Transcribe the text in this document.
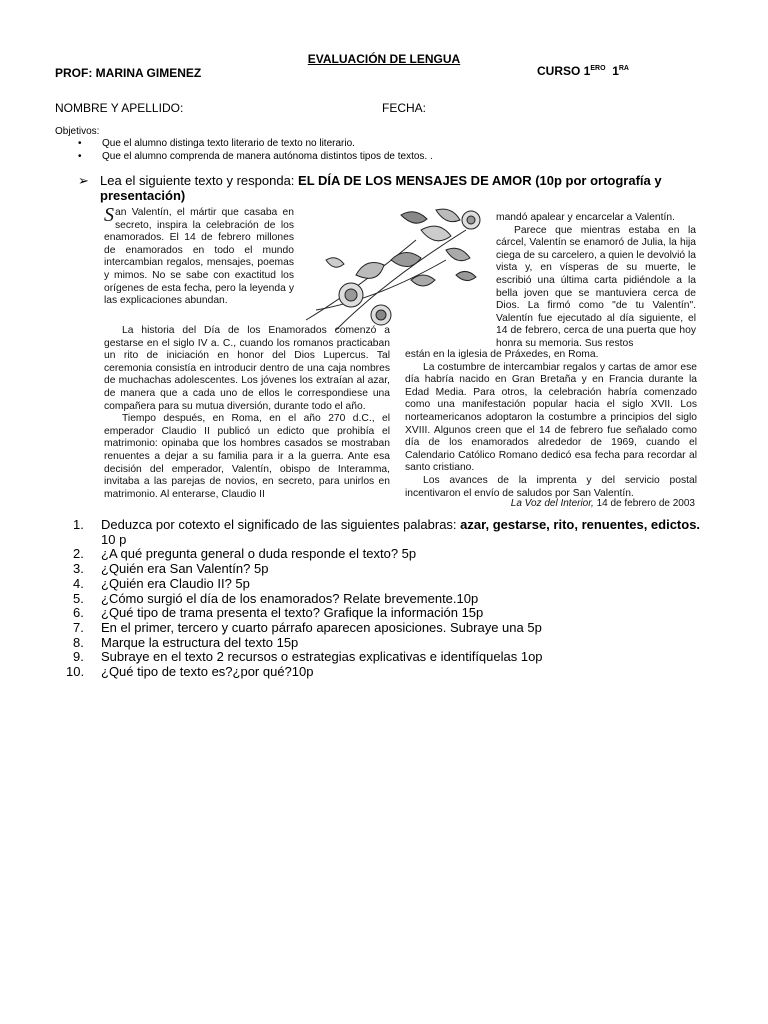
EVALUACIÓN DE LENGUA
PROF: MARINA GIMENEZ	CURSO $1^{ERO}$ $1^{RA}$
NOMBRE Y APELLIDO:	FECHA:
Objetivos:
• Que el alumno distinga texto literario de texto no literario.
• Que el alumno comprenda de manera autónoma distintos tipos de textos. .
➢ Lea el siguiente texto y responda: EL DÍA DE LOS MENSAJES DE AMOR (10p por ortografía y presentación)

San Valentín, el mártir que casaba en secreto, inspira la celebración de los enamorados. El 14 de febrero millones de enamorados en todo el mundo intercambian regalos, mensajes, poemas y mimos. No se sabe con exactitud los orígenes de esta fecha, pero la leyenda y las explicaciones abundan.

La historia del Día de los Enamorados comenzó a gestarse en el siglo IV a. C., cuando los romanos practicaban un rito de iniciación en honor del Dios Lupercus. Tal ceremonia consistía en introducir dentro de una caja nombres de muchachas adolescentes. Los jóvenes los extraían al azar, de manera que a cada uno de ellos le correspondiese una compañera para su mutua diversión, durante todo el año.

Tiempo después, en Roma, en el año 270 d.C., el emperador Claudio II publicó un edicto que prohibía el matrimonio: opinaba que los hombres casados se mostraban renuentes a dejar a su familia para ir a la guerra. Ante esa decisión del emperador, Valentín, obispo de Interamma, invitaba a las parejas de novios, en secreto, para unirlos en matrimonio. Al enterarse, Claudio II

mandó apalear y encarcelar a Valentín.

Parece que mientras estaba en la cárcel, Valentín se enamoró de Julia, la hija ciega de su carcelero, a quien le devolvió la vista y, en vísperas de su muerte, le escribió una última carta pidiéndole a la bella joven que se mantuviera cerca de Dios. La firmó como "de tu Valentín". Valentín fue ejecutado al día siguiente, el 14 de febrero, cerca de una puerta que hoy honra su memoria. Sus restos

están en la iglesia de Práxedes, en Roma.

La costumbre de intercambiar regalos y cartas de amor ese día habría nacido en Gran Bretaña y en Francia durante la Edad Media. Para otros, la celebración habría comenzado como una manifestación popular hacia el siglo XVII. Los norteamericanos adoptaron la costumbre a principios del siglo XVIII. Algunos creen que el 14 de febrero fue señalado como día de los enamorados alrededor de 1969, cuando el Calendario Católico Romano dedicó esa fecha para recordar al santo cristiano.

Los avances de la imprenta y del servicio postal incentivaron el envío de saludos por San Valentín.

La Voz del Interior, 14 de febrero de 2003
1. Deduzca por cotexto el significado de las siguientes palabras: azar, gestarse, rito, renuentes, edictos. 10 p
2. ¿A qué pregunta general o duda responde el texto? 5p
3. ¿Quién era San Valentín? 5p
4. ¿Quién era Claudio II? 5p
5. ¿Cómo surgió el día de los enamorados? Relate brevemente.10p
6. ¿Qué tipo de trama presenta el texto? Grafique la información 15p
7. En el primer, tercero y cuarto párrafo aparecen aposiciones. Subraye una 5p
8. Marque la estructura del texto 15p
9. Subraye en el texto 2 recursos o estrategias explicativas e identifíquelas 1op
10. ¿Qué tipo de texto es?¿por qué?10p
